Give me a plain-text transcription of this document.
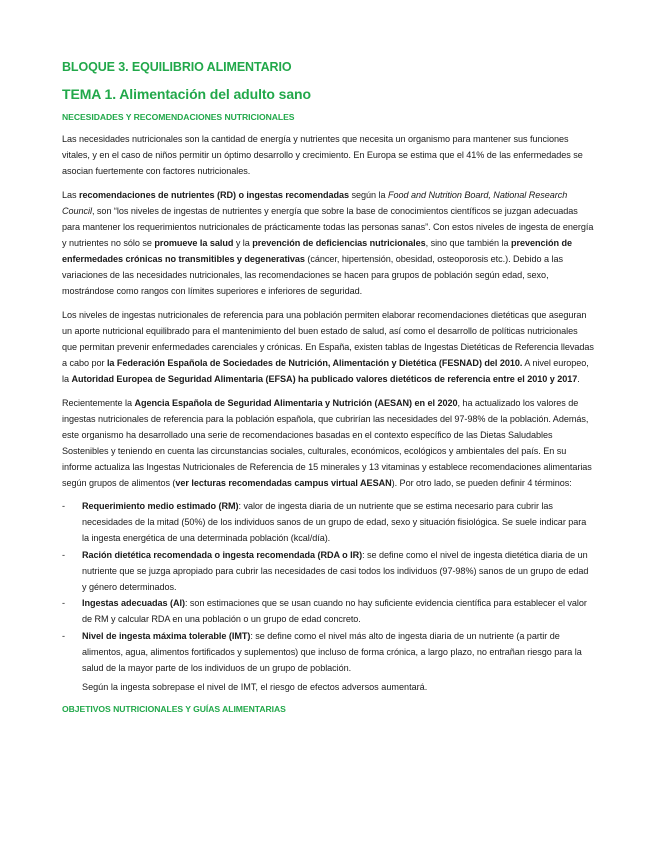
BLOQUE 3. EQUILIBRIO ALIMENTARIO
TEMA 1. Alimentación del adulto sano
NECESIDADES Y RECOMENDACIONES NUTRICIONALES

Las necesidades nutricionales son la cantidad de energía y nutrientes que necesita un organismo para mantener sus funciones vitales, y en el caso de niños permitir un óptimo desarrollo y crecimiento. En Europa se estima que el 41% de las enfermedades se asocian fuertemente con factores nutricionales.

Las recomendaciones de nutrientes (RD) o ingestas recomendadas según la Food and Nutrition Board, National Research Council, son “los niveles de ingestas de nutrientes y energía que sobre la base de conocimientos científicos se juzgan adecuadas para mantener los requerimientos nutricionales de prácticamente todas las personas sanas”. Con estos niveles de ingesta de energía y nutrientes no sólo se promueve la salud y la prevención de deficiencias nutricionales, sino que también la prevención de enfermedades crónicas no transmitibles y degenerativas (cáncer, hipertensión, obesidad, osteoporosis etc.). Debido a las variaciones de las necesidades nutricionales, las recomendaciones se hacen para grupos de población según edad, sexo, mostrándose como rangos con límites superiores e inferiores de seguridad.

Los niveles de ingestas nutricionales de referencia para una población permiten elaborar recomendaciones dietéticas que aseguran un aporte nutricional equilibrado para el mantenimiento del buen estado de salud, así como el desarrollo de políticas nutricionales que permitan prevenir enfermedades carenciales y crónicas. En España, existen tablas de Ingestas Dietéticas de Referencia llevadas a cabo por la Federación Española de Sociedades de Nutrición, Alimentación y Dietética (FESNAD) del 2010. A nivel europeo, la Autoridad Europea de Seguridad Alimentaria (EFSA) ha publicado valores dietéticos de referencia entre el 2010 y 2017.

Recientemente la Agencia Española de Seguridad Alimentaria y Nutrición (AESAN) en el 2020, ha actualizado los valores de ingestas nutricionales de referencia para la población española, que cubrirían las necesidades del 97-98% de la población. Además, este organismo ha desarrollado una serie de recomendaciones basadas en el contexto específico de las Dietas Saludables Sostenibles y teniendo en cuenta las circunstancias sociales, culturales, económicos, ecológicos y ambientales del país. En su informe actualiza las Ingestas Nutricionales de Referencia de 15 minerales y 13 vitaminas y establece recomendaciones alimentarias según grupos de alimentos (ver lecturas recomendadas campus virtual AESAN). Por otro lado, se pueden definir 4 términos:

- Requerimiento medio estimado (RM): valor de ingesta diaria de un nutriente que se estima necesario para cubrir las necesidades de la mitad (50%) de los individuos sanos de un grupo de edad, sexo y situación fisiológica. Se suele indicar para la ingesta energética de una determinada población (kcal/día).
- Ración dietética recomendada o ingesta recomendada (RDA o IR): se define como el nivel de ingesta dietética diaria de un nutriente que se juzga apropiado para cubrir las necesidades de casi todos los individuos (97-98%) sanos de un grupo de edad y género determinados.
- Ingestas adecuadas (AI): son estimaciones que se usan cuando no hay suficiente evidencia científica para establecer el valor de RM y calcular RDA en una población o un grupo de edad concreto.
- Nivel de ingesta máxima tolerable (IMT): se define como el nivel más alto de ingesta diaria de un nutriente (a partir de alimentos, agua, alimentos fortificados y suplementos) que incluso de forma crónica, a largo plazo, no entrañan riesgo para la salud de la mayor parte de los individuos de un grupo de población.
Según la ingesta sobrepase el nivel de IMT, el riesgo de efectos adversos aumentará.
OBJETIVOS NUTRICIONALES Y GUÍAS ALIMENTARIAS
